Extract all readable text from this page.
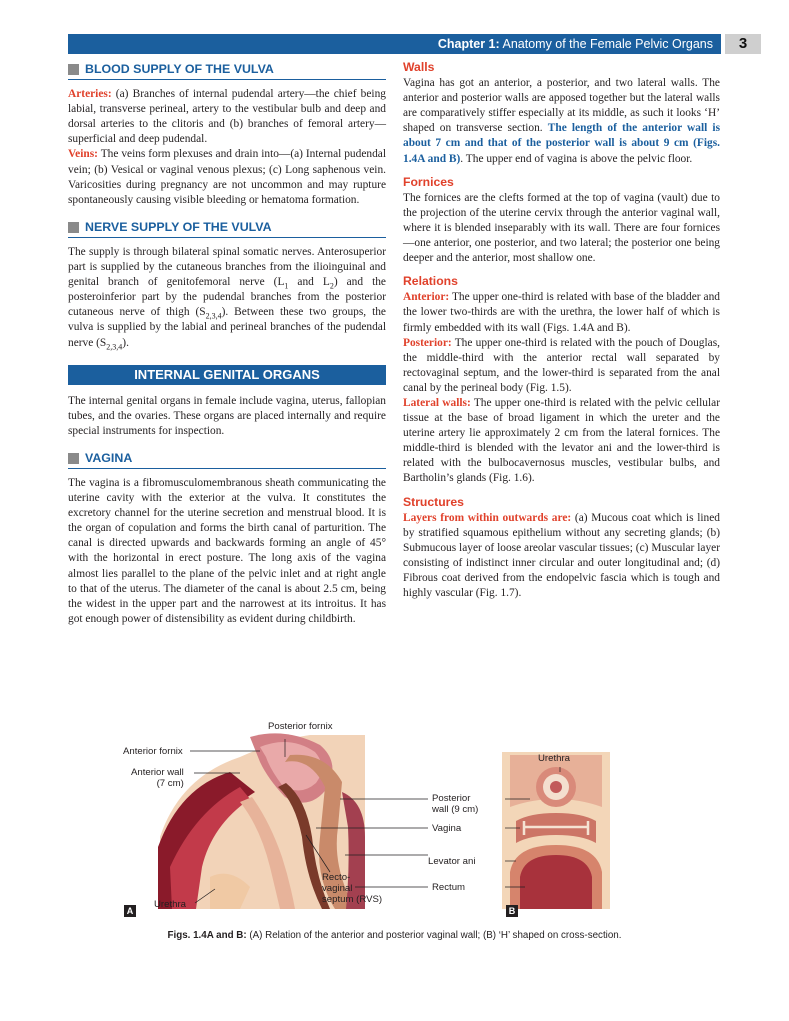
Chapter 1: Anatomy of the Female Pelvic Organs	3
BLOOD SUPPLY OF THE VULVA

Arteries: (a) Branches of internal pudendal artery—the chief being labial, transverse perineal, artery to the vestibular bulb and deep and dorsal arteries to the clitoris and (b) branches of femoral artery—superficial and deep pudendal.

Veins: The veins form plexuses and drain into—(a) Internal pudendal vein; (b) Vesical or vaginal venous plexus; (c) Long saphenous vein. Varicosities during pregnancy are not uncommon and may rupture spontaneously causing visible bleeding or hematoma formation.

NERVE SUPPLY OF THE VULVA

The supply is through bilateral spinal somatic nerves. Anterosuperior part is supplied by the cutaneous branches from the ilioinguinal and genital branch of genitofemoral nerve ($L_1$ and $L_2$) and the posteroinferior part by the pudendal branches from the posterior cutaneous nerve of thigh $(S_{2,3,4})$. Between these two groups, the vulva is supplied by the labial and perineal branches of the pudendal nerve $(S_{2,3,4})$.

INTERNAL GENITAL ORGANS

The internal genital organs in female include vagina, uterus, fallopian tubes, and the ovaries. These organs are placed internally and require special instruments for inspection.

VAGINA

The vagina is a fibromusculomembranous sheath communicating the uterine cavity with the exterior at the vulva. It constitutes the excretory channel for the uterine secretion and menstrual blood. It is the organ of copulation and forms the birth canal of parturition. The canal is directed upwards and backwards forming an angle of 45° with the horizontal in erect posture. The long axis of the vagina almost lies parallel to the plane of the pelvic inlet and at right angle to that of the uterus. The diameter of the canal is about 2.5 cm, being the widest in the upper part and the narrowest at its introitus. It has got enough power of distensibility as evident during childbirth.

Walls

Vagina has got an anterior, a posterior, and two lateral walls. The anterior and posterior walls are apposed together but the lateral walls are comparatively stiffer especially at its middle, as such it looks ‘H’ shaped on transverse section. The length of the anterior wall is about 7 cm and that of the posterior wall is about 9 cm (Figs. 1.4A and B). The upper end of vagina is above the pelvic floor.

Fornices

The fornices are the clefts formed at the top of vagina (vault) due to the projection of the uterine cervix through the anterior vaginal wall, where it is blended inseparably with its wall. There are four fornices—one anterior, one posterior, and two lateral; the posterior one being deeper and the anterior, most shallow one.

Relations

Anterior: The upper one-third is related with base of the bladder and the lower two-thirds are with the urethra, the lower half of which is firmly embedded with its wall (Figs. 1.4A and B).

Posterior: The upper one-third is related with the pouch of Douglas, the middle-third with the anterior rectal wall separated by rectovaginal septum, and the lower-third is separated from the anal canal by the perineal body (Fig. 1.5).

Lateral walls: The upper one-third is related with the pelvic cellular tissue at the base of broad ligament in which the ureter and the uterine artery lie approximately 2 cm from the lateral fornices. The middle-third is blended with the levator ani and the lower-third is related with the bulbocavernosus muscles, vestibular bulbs, and Bartholin’s glands (Fig. 1.6).

Structures

Layers from within outwards are: (a) Mucous coat which is lined by stratified squamous epithelium without any secreting glands; (b) Submucous layer of loose areolar vascular tissues; (c) Muscular layer consisting of indistinct inner circular and outer longitudinal and; (d) Fibrous coat derived from the endopelvic fascia which is tough and highly vascular (Fig. 1.7).

Posterior fornix
Anterior fornix
Anterior wall
(7 cm)
Urethra
Recto-
vaginal
septum (RVS)
Posterior
wall (9 cm)
Vagina
Levator ani
Rectum
Urethra
A	B
Figs. 1.4A and B: (A) Relation of the anterior and posterior vaginal wall; (B) ‘H’ shaped on cross-section.
